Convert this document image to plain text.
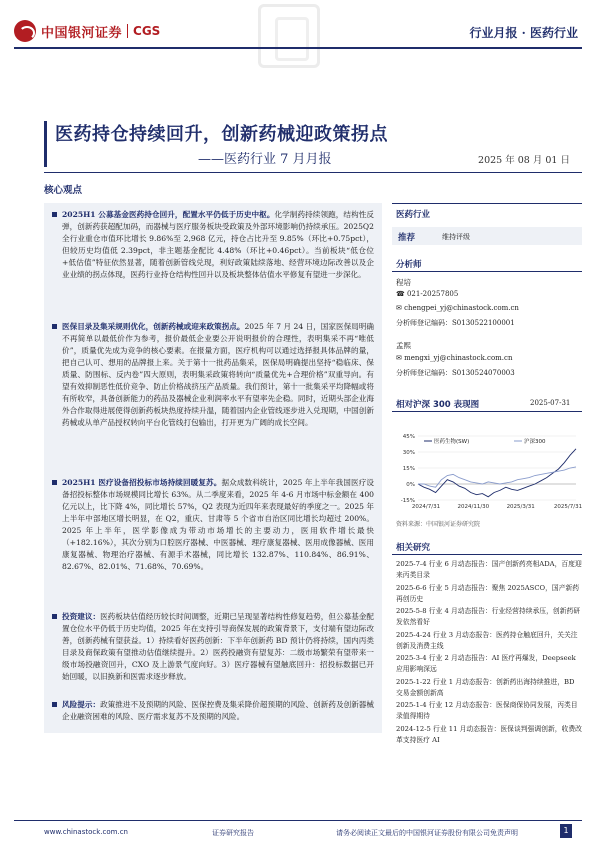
中国银河证券 CGS	行业月报 · 医药行业
医药持仓持续回升，创新药械迎政策拐点
——医药行业 7 月月报	2025 年 08 月 01 日
核心观点
2025H1 公募基金医药持仓回升，配置水平仍低于历史中枢。化学制药持续领跑，结构性反弹，创新药获超配加码，而器械与医疗服务板块受政策及外部环境影响仍持续承压。2025Q2 全行业重仓市值环比增长 9.86%至 2,968 亿元，持仓占比升至 9.85%（环比+0.75pct），但较历史均值低 2.39pct，非主题基金配比 4.48%（环比+0.46pct）。当前板块“低仓位+低估值”特征依然显著，随着创新管线兑现，利好政策陆续落地、经营环境边际改善以及企业业绩的拐点体现，医药行业持仓结构性回升以及板块整体估值水平修复有望进一步深化。
医保目录及集采规则优化，创新药械或迎来政策拐点。2025 年 7 月 24 日，国家医保局明确不再简单以最低价作为参考，报价最低企业要公开说明报价的合理性，表明集采不再“唯低价”，质量优先成为竞争的核心要素。在报量方面，医疗机构可以通过选择报具体品牌的量，把自己认可、想用的品牌报上来。关于第十一批药品集采，医保局明确提出坚持“稳临床、保质量、防围标、反内卷”四大原则，表明集采政策将转向“质量优先+合理价格”双重导向。有望有效抑制恶性低价竞争、防止价格战挤压产品质量。我们预计，第十一批集采平均降幅或将有所收窄，具备创新能力的药品及器械企业利润率水平有望率先企稳。同时，近期头部企业海外合作取得进展使得创新药板块热度持续升温，随着国内企业管线逐步进入兑现期，中国创新药械或从单产品授权转向平台化管线打包输出，打开更为广阔的成长空间。
2025H1 医疗设备招投标市场持续回暖复苏。据众成数科统计，2025 年上半年我国医疗设备招投标整体市场规模同比增长 63%。从二季度来看，2025 年 4-6 月市场中标金额在 400 亿元以上，比下降 4%，同比增长 57%，Q2 表现为近四年来表现最好的季度之一。2025 年上半年中部地区增长明显，在 Q2，重庆、甘肃等 5 个省市自治区同比增长均超过 200%。2025 年上半年，医学影像成为带动市场增长的主要动力，医用软件增长最快（+182.16%），其次分别为口腔医疗器械、中医器械、理疗康复器械、医用成像器械、医用康复器械、物理治疗器械、有源手术器械，同比增长 132.87%、110.84%、86.91%、82.67%、82.01%、71.68%、70.69%。
投资建议：医药板块估值经历较长时间调整，近期已呈现显著结构性修复趋势，但公募基金配置仓位水平仍低于历史均值，2025 年在支持引导商保发展的政策背景下，支付端有望边际改善，创新药械有望获益。1）持续看好医药创新：下半年创新药 BD 预计仍将持续，国内丙类目录及商保政策有望推动估值继续提升。2）医药投融资有望复苏：二级市场繁荣有望带来一级市场投融资回升，CXO 及上游景气度向好。3）医疗器械有望触底回升：招投标数据已开始回暖，以旧换新和医需求逐步释放。
风险提示：政策推进不及预期的风险、医保控费及集采降价超预期的风险、创新药及创新器械企业融资困难的风险、医疗需求复苏不及预期的风险。
医药行业
推荐	维持评级
分析师
程培
☎ 021-20257805
✉ chengpei_yj@chinastock.com.cn
分析师登记编码：S0130522100001
孟熙
✉ mengxi_yj@chinastock.com.cn
分析师登记编码：S0130524070003
相对沪深 300 表现图	2025-07-31
-15%
0%
15%
30%
45%
2024/7/31	2024/11/30	2025/3/31	2025/7/31
医药生物(SW)	沪深300
资料来源：中国银河证券研究院
相关研究
2025-7-4 行业 6 月动态报告：国产创新药亮相ADA，百度迎来丙类目录
2025-6-6 行业 5 月动态报告：聚焦 2025ASCO，国产新药再创历史
2025-5-8 行业 4 月动态报告：行业经营持续承压，创新药研发依然看好
2025-4-24 行业 3 月动态报告：医药持仓触底回升，关关注创新及消费主线
2025-3-4 行业 2 月动态报告：AI 医疗再爆发，Deepseek应用影响深远
2025-1-22 行业 1 月动态报告：创新药出海持续推进，BD 交易金额创新高
2025-1-4 行业 12 月动态报告：医保商保协同发展，丙类目录值得期待
2024-12-5 行业 11 月动态报告：医保谈判强调创新，收费改革支持医疗 AI
www.chinastock.com.cn	证券研究报告	请务必阅读正文最后的中国银河证券股份有限公司免责声明	1
